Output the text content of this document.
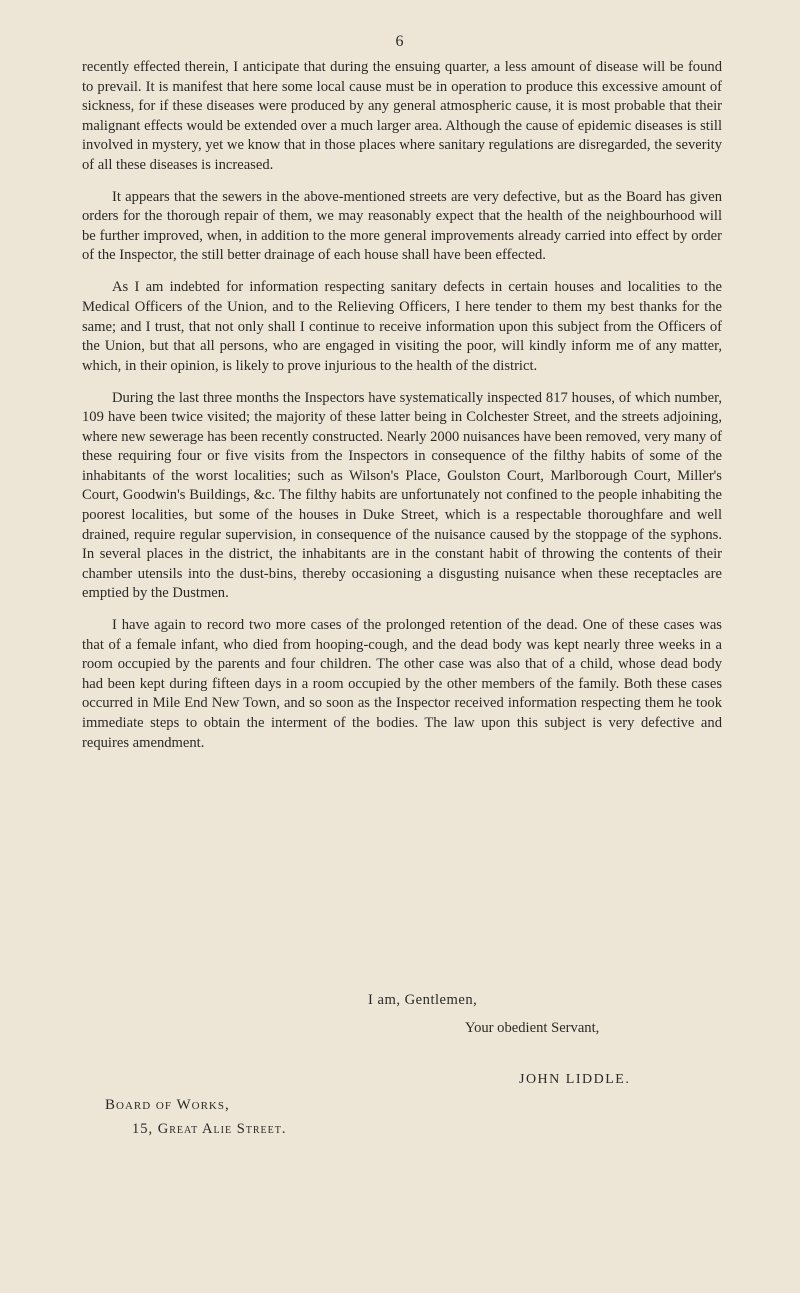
6

recently effected therein, I anticipate that during the ensuing quarter, a less amount of disease will be found to prevail. It is manifest that here some local cause must be in operation to produce this excessive amount of sickness, for if these diseases were produced by any general atmospheric cause, it is most probable that their malignant effects would be extended over a much larger area. Although the cause of epidemic diseases is still involved in mystery, yet we know that in those places where sanitary regulations are disregarded, the severity of all these diseases is increased.

It appears that the sewers in the above-mentioned streets are very defective, but as the Board has given orders for the thorough repair of them, we may reasonably expect that the health of the neighbourhood will be further improved, when, in addition to the more general improvements already carried into effect by order of the Inspector, the still better drainage of each house shall have been effected.

As I am indebted for information respecting sanitary defects in certain houses and localities to the Medical Officers of the Union, and to the Relieving Officers, I here tender to them my best thanks for the same; and I trust, that not only shall I continue to receive information upon this subject from the Officers of the Union, but that all persons, who are engaged in visiting the poor, will kindly inform me of any matter, which, in their opinion, is likely to prove injurious to the health of the district.

During the last three months the Inspectors have systematically inspected 817 houses, of which number, 109 have been twice visited; the majority of these latter being in Colchester Street, and the streets adjoining, where new sewerage has been recently constructed. Nearly 2000 nuisances have been removed, very many of these requiring four or five visits from the Inspectors in consequence of the filthy habits of some of the inhabitants of the worst localities; such as Wilson's Place, Goulston Court, Marlborough Court, Miller's Court, Goodwin's Buildings, &c. The filthy habits are unfortunately not confined to the people inhabiting the poorest localities, but some of the houses in Duke Street, which is a respectable thoroughfare and well drained, require regular supervision, in consequence of the nuisance caused by the stoppage of the syphons. In several places in the district, the inhabitants are in the constant habit of throwing the contents of their chamber utensils into the dust-bins, thereby occasioning a disgusting nuisance when these receptacles are emptied by the Dustmen.

I have again to record two more cases of the prolonged retention of the dead. One of these cases was that of a female infant, who died from hooping-cough, and the dead body was kept nearly three weeks in a room occupied by the parents and four children. The other case was also that of a child, whose dead body had been kept during fifteen days in a room occupied by the other members of the family. Both these cases occurred in Mile End New Town, and so soon as the Inspector received information respecting them he took immediate steps to obtain the interment of the bodies. The law upon this subject is very defective and requires amendment.

I am, Gentlemen,
Your obedient Servant,
JOHN LIDDLE.
Board of Works,
15, Great Alie Street.
